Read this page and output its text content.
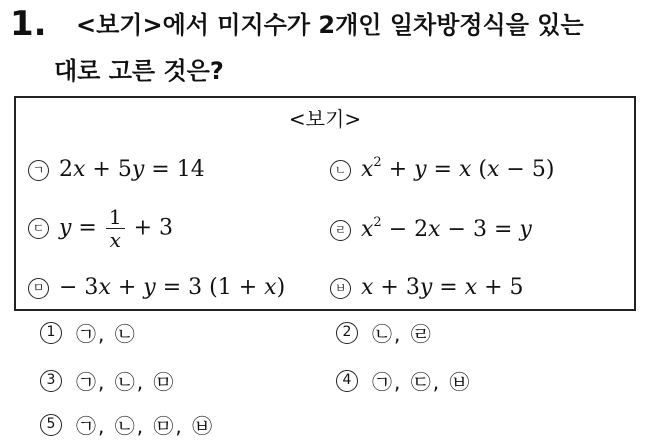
1. <보기>에서 미지수가 2개인 일차방정식을 있는
대로 고른 것은?
<보기>
ㄱ 2x + 5y = 14	ㄴ $x^2 + y = x$ (x − 5)
ㄷ $y = \frac{1}{x} + 3$	ㄹ $x^2 - 2x - 3 = y$
ㅁ − 3x + y = 3 (1 + x)	ㅂ x + 3y = x + 5
1	㉠, ㉡	2	㉡, ㉣
3	㉠, ㉡, ㉤	4	㉠, ㉢, ㉥
5	㉠, ㉡, ㉤, ㉥
